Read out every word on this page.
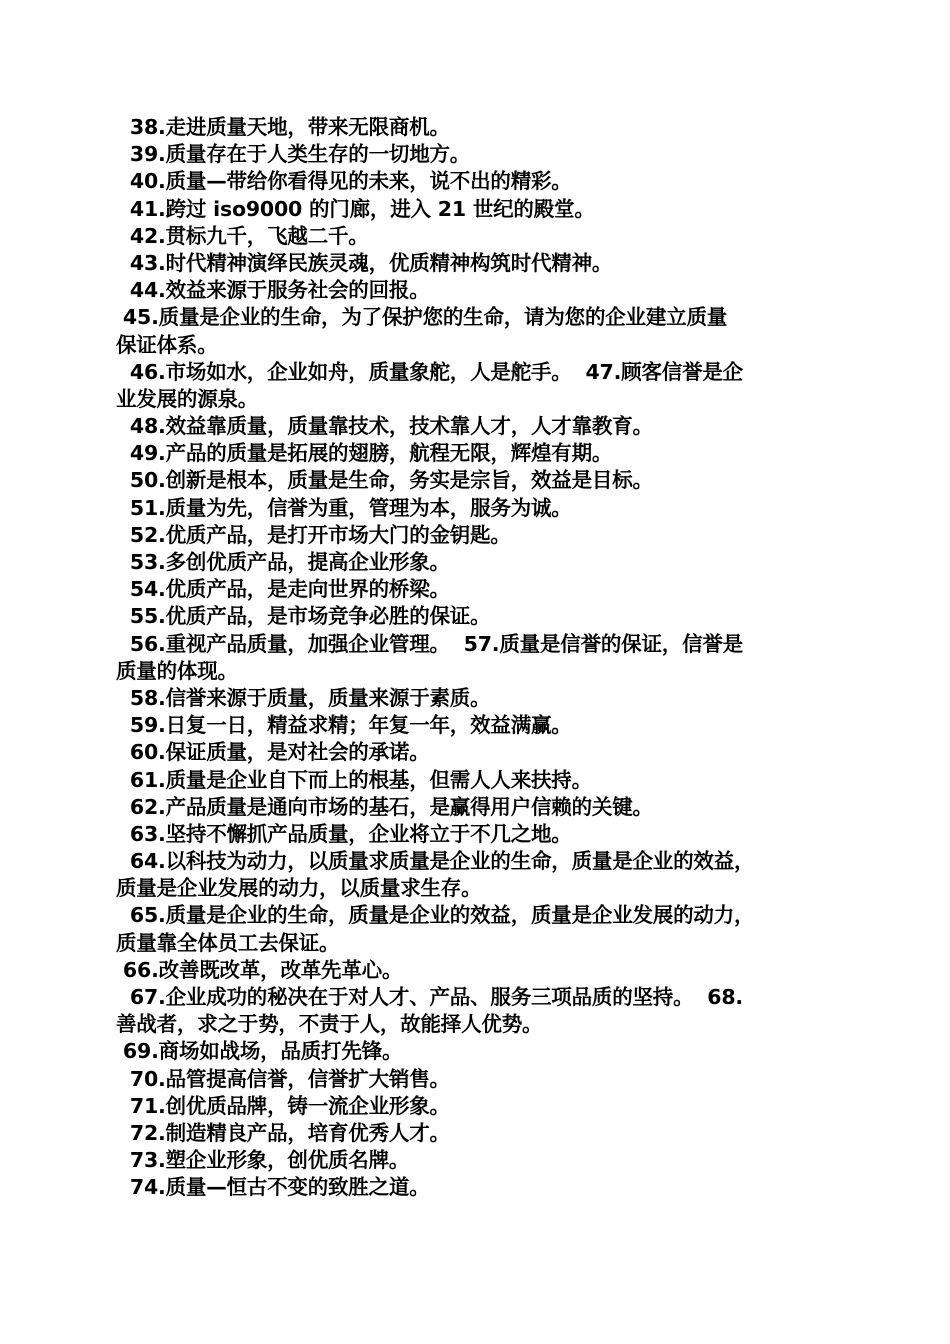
38.走进质量天地，带来无限商机。
39.质量存在于人类生存的一切地方。
40.质量—带给你看得见的未来，说不出的精彩。
41.跨过 iso9000 的门廊，进入 21 世纪的殿堂。
42.贯标九千，飞越二千。
43.时代精神演绎民族灵魂，优质精神构筑时代精神。
44.效益来源于服务社会的回报。
45.质量是企业的生命，为了保护您的生命，请为您的企业建立质量
保证体系。
46.市场如水，企业如舟，质量象舵，人是舵手。  47.顾客信誉是企
业发展的源泉。
48.效益靠质量，质量靠技术，技术靠人才，人才靠教育。
49.产品的质量是拓展的翅膀，航程无限，辉煌有期。
50.创新是根本，质量是生命，务实是宗旨，效益是目标。
51.质量为先，信誉为重，管理为本，服务为诚。
52.优质产品，是打开市场大门的金钥匙。
53.多创优质产品，提高企业形象。
54.优质产品，是走向世界的桥梁。
55.优质产品，是市场竞争必胜的保证。
56.重视产品质量，加强企业管理。  57.质量是信誉的保证，信誉是
质量的体现。
58.信誉来源于质量，质量来源于素质。
59.日复一日，精益求精；年复一年，效益满赢。
60.保证质量，是对社会的承诺。
61.质量是企业自下而上的根基，但需人人来扶持。
62.产品质量是通向市场的基石，是赢得用户信赖的关键。
63.坚持不懈抓产品质量，企业将立于不几之地。
64.以科技为动力，以质量求质量是企业的生命，质量是企业的效益，
质量是企业发展的动力，以质量求生存。
65.质量是企业的生命，质量是企业的效益，质量是企业发展的动力，
质量靠全体员工去保证。
66.改善既改革，改革先革心。
67.企业成功的秘决在于对人才、产品、服务三项品质的坚持。  68.
善战者，求之于势，不责于人，故能择人优势。
69.商场如战场，品质打先锋。
70.品管提高信誉，信誉扩大销售。
71.创优质品牌，铸一流企业形象。
72.制造精良产品，培育优秀人才。
73.塑企业形象，创优质名牌。
74.质量—恒古不变的致胜之道。
